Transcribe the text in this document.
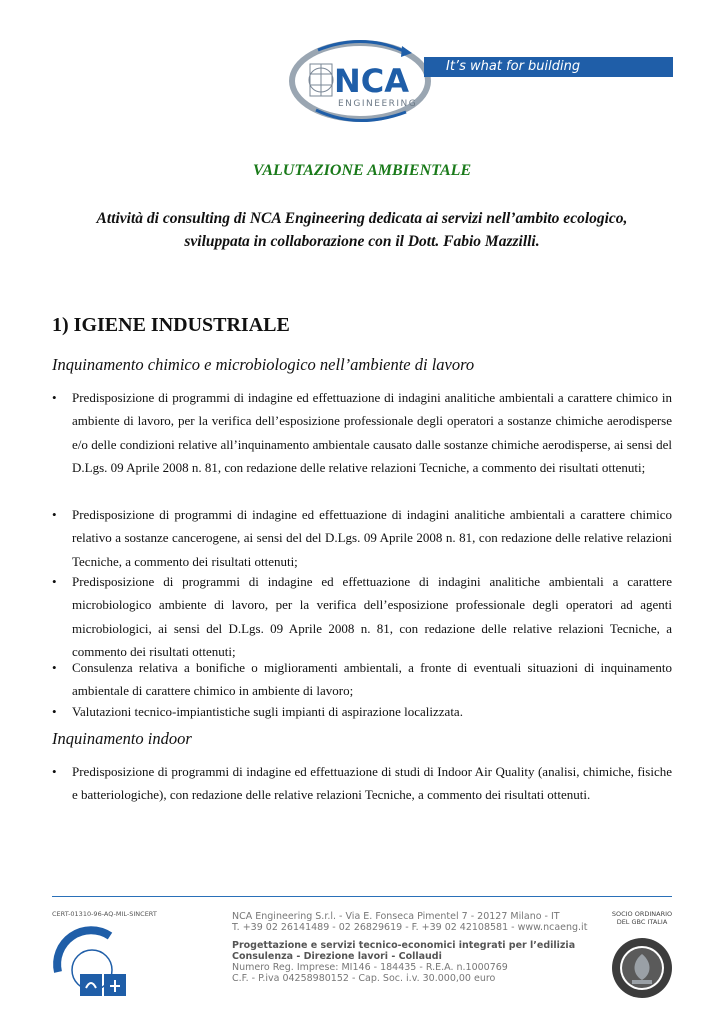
NCA
ENGINEERING
It’s what for building
VALUTAZIONE AMBIENTALE
Attività di consulting di NCA Engineering dedicata ai servizi nell’ambito ecologico,
sviluppata in collaborazione con il Dott. Fabio Mazzilli.
1) IGIENE INDUSTRIALE
Inquinamento chimico e microbiologico nell’ambiente di lavoro
•	Predisposizione di programmi di indagine ed effettuazione di indagini analitiche ambientali a carattere chimico in ambiente di lavoro, per la verifica dell’esposizione professionale degli operatori a sostanze chimiche aerodisperse e/o delle condizioni relative all’inquinamento ambientale causato dalle sostanze chimiche aerodisperse, ai sensi del D.Lgs. 09 Aprile 2008 n. 81, con redazione delle relative relazioni Tecniche, a commento dei risultati ottenuti;
•	Predisposizione di programmi di indagine ed effettuazione di indagini analitiche ambientali a carattere chimico relativo a sostanze cancerogene, ai sensi del del D.Lgs. 09 Aprile 2008 n. 81, con redazione delle relative relazioni Tecniche, a commento dei risultati ottenuti;
•	Predisposizione di programmi di indagine ed effettuazione di indagini analitiche ambientali a carattere microbiologico ambiente di lavoro, per la verifica dell’esposizione professionale degli operatori ad agenti microbiologici, ai sensi del D.Lgs. 09 Aprile 2008 n. 81, con redazione delle relative relazioni Tecniche, a commento dei risultati ottenuti;
•	Consulenza relativa a bonifiche o miglioramenti ambientali, a fronte di eventuali situazioni di inquinamento ambientale di carattere chimico in ambiente di lavoro;
•	Valutazioni tecnico-impiantistiche sugli impianti di aspirazione localizzata.
Inquinamento indoor
•	Predisposizione di programmi di indagine ed effettuazione di studi di Indoor Air Quality (analisi, chimiche, fisiche e batteriologiche), con redazione delle relative relazioni Tecniche, a commento dei risultati ottenuti.
CERT-01310-96-AQ-MIL-SINCERT	NCA Engineering S.r.l. - Via E. Fonseca Pimentel 7 - 20127 Milano - IT
T. +39 02 26141489 - 02 26829619 - F. +39 02 42108581 - www.ncaeng.it
Progettazione e servizi tecnico-economici integrati per l’edilizia
Consulenza - Direzione lavori - Collaudi
Numero Reg. Imprese: MI146 - 184435 - R.E.A. n.1000769
C.F. - P.iva 04258980152 - Cap. Soc. i.v. 30.000,00 euro
SOCIO ORDINARIO
DEL GBC ITALIA
